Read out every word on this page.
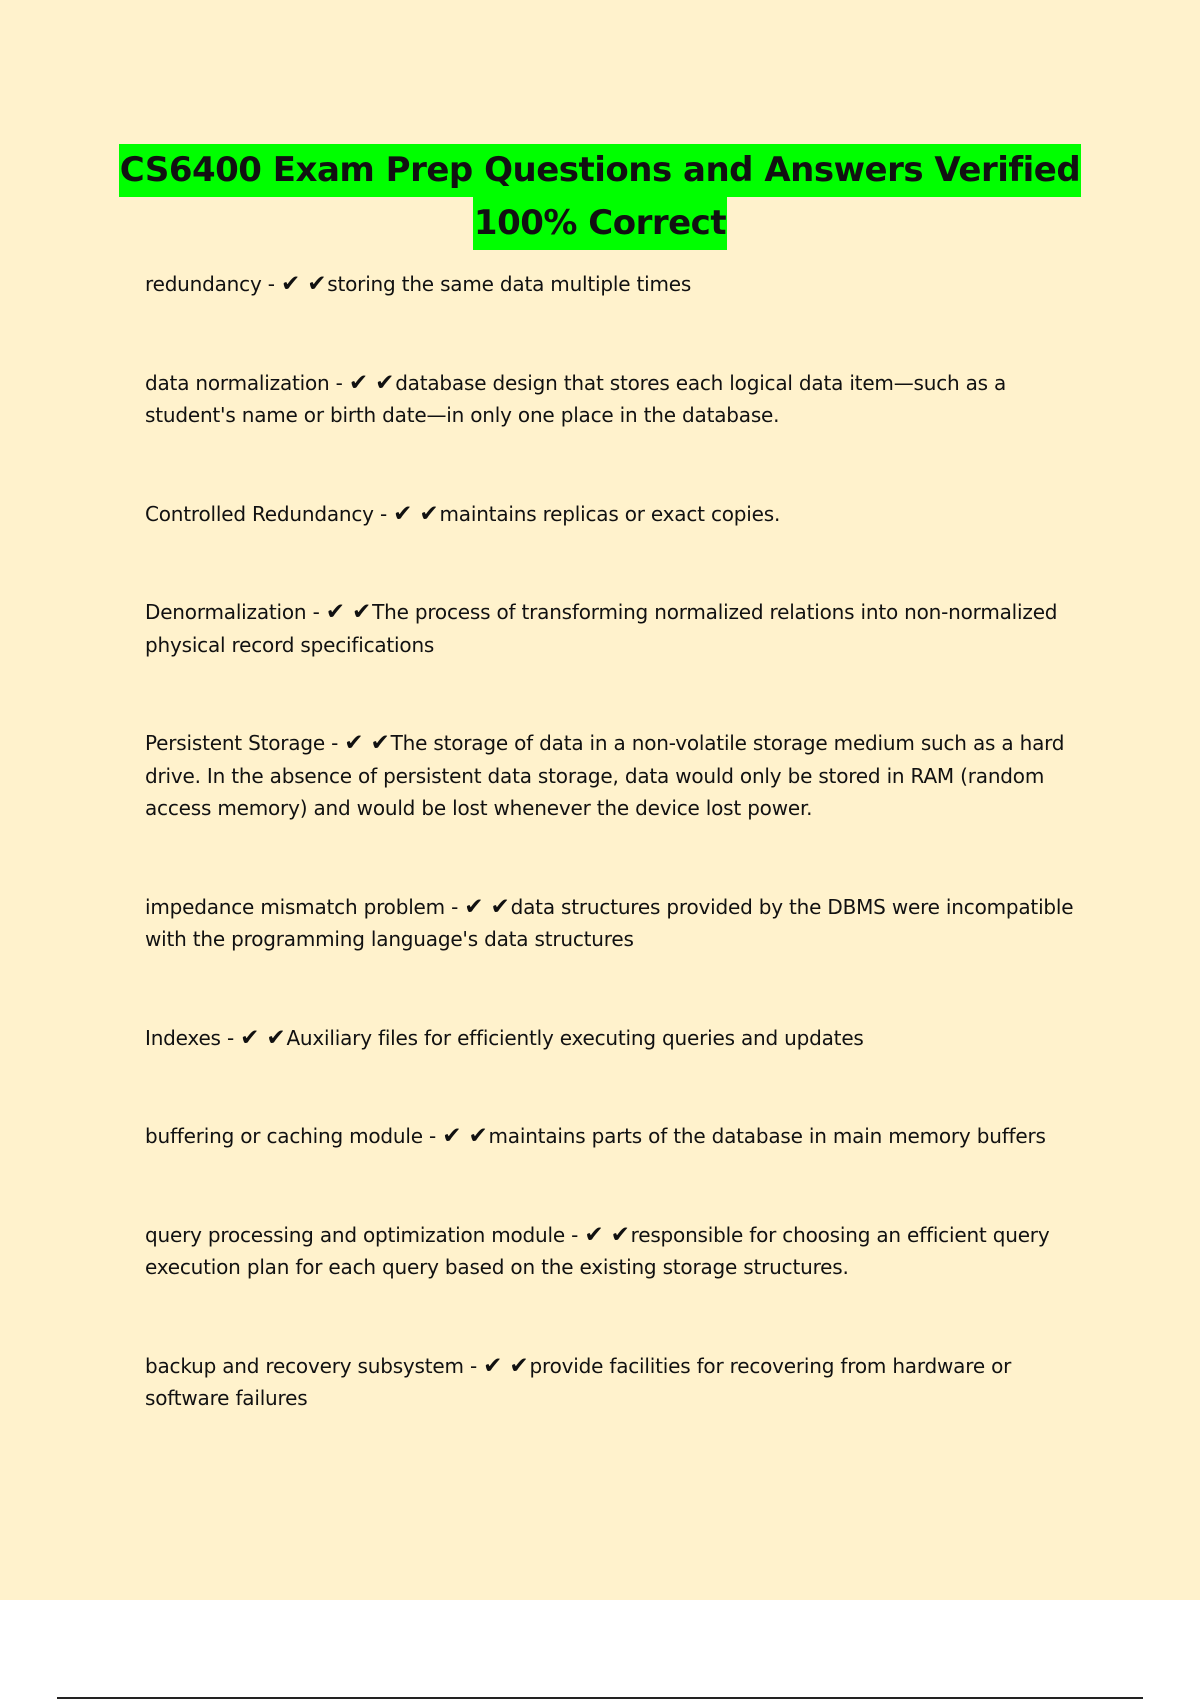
CS6400 Exam Prep Questions and Answers Verified
100% Correct
redundancy - ✔ ✔storing the same data multiple times
data normalization - ✔ ✔database design that stores each logical data item—such as a student's name or birth date—in only one place in the database.
Controlled Redundancy - ✔ ✔maintains replicas or exact copies.
Denormalization - ✔ ✔The process of transforming normalized relations into non-normalized physical record specifications
Persistent Storage - ✔ ✔The storage of data in a non-volatile storage medium such as a hard drive. In the absence of persistent data storage, data would only be stored in RAM (random access memory) and would be lost whenever the device lost power.
impedance mismatch problem - ✔ ✔data structures provided by the DBMS were incompatible with the programming language's data structures
Indexes - ✔ ✔Auxiliary files for efficiently executing queries and updates
buffering or caching module - ✔ ✔maintains parts of the database in main memory buffers
query processing and optimization module - ✔ ✔responsible for choosing an efficient query execution plan for each query based on the existing storage structures.
backup and recovery subsystem - ✔ ✔provide facilities for recovering from hardware or software failures
